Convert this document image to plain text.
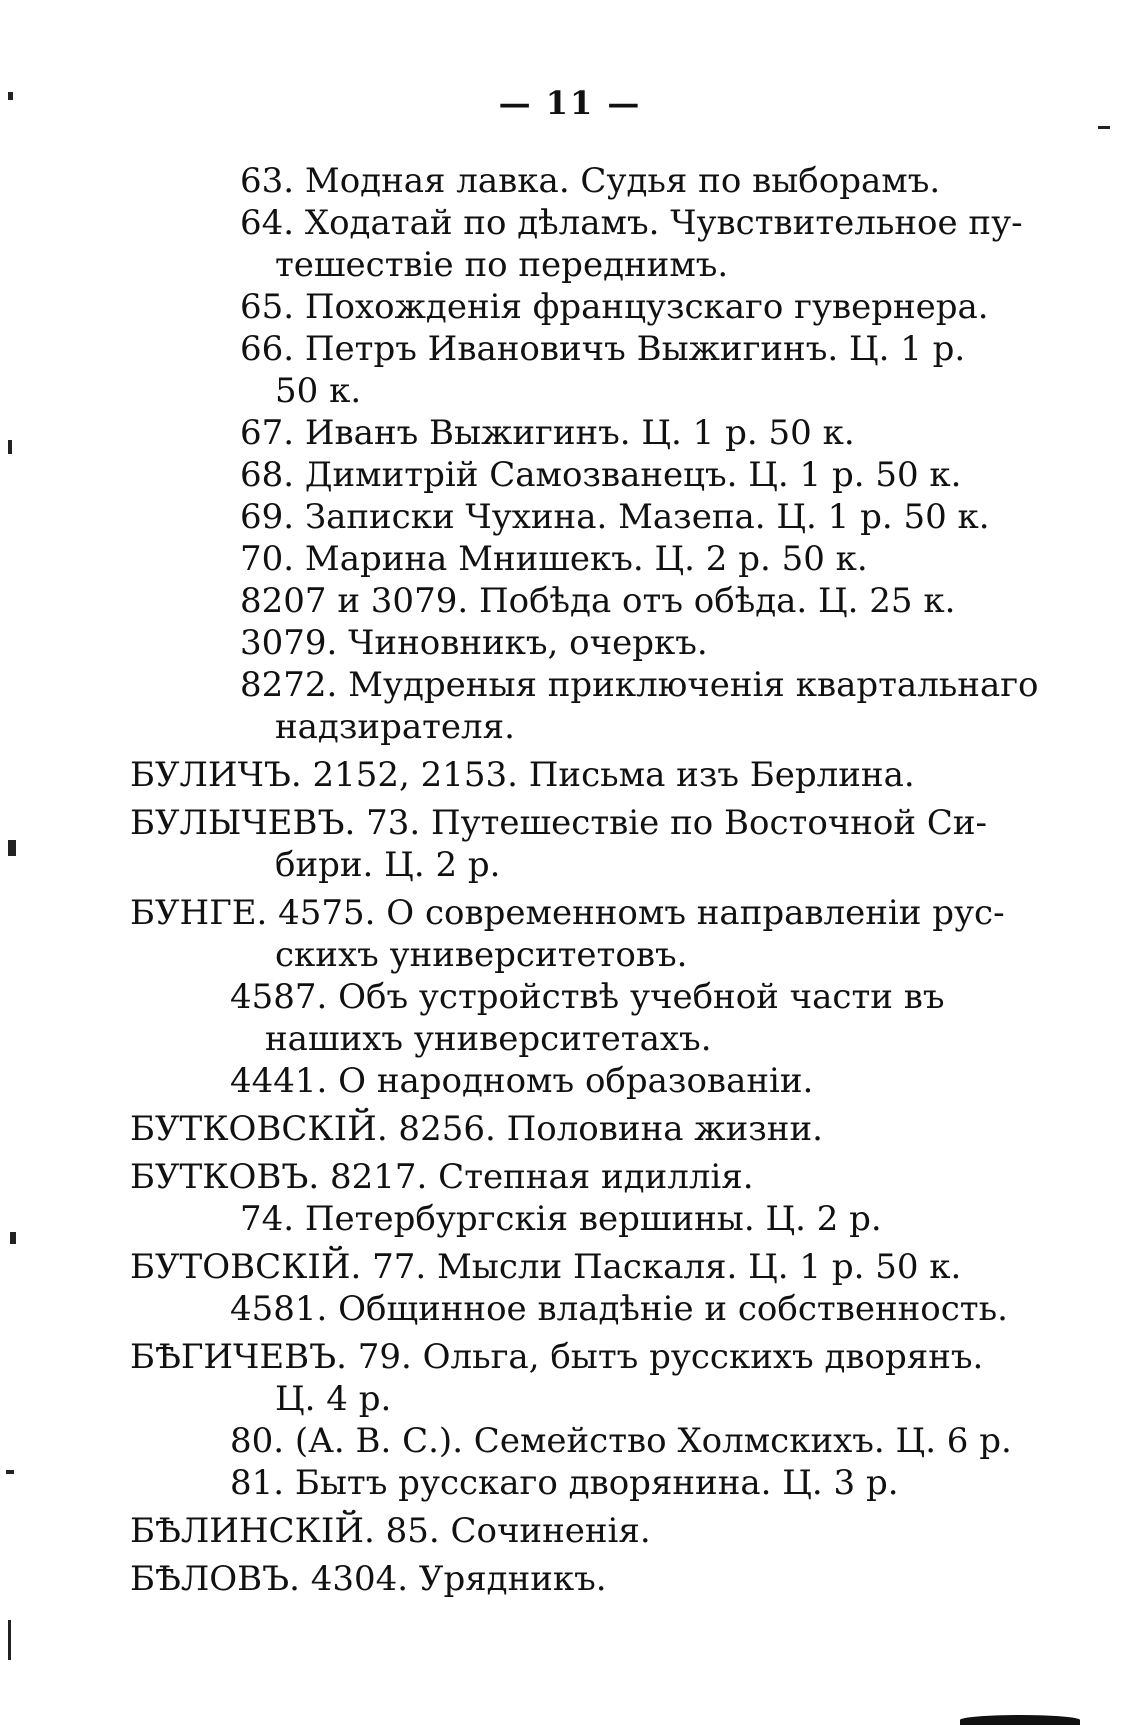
— 11 —
63. Модная лавка. Судья по выборамъ.
64. Ходатай по дѣламъ. Чувствительное пу-
тешествіе по переднимъ.
65. Похожденія французскаго гувернера.
66. Петръ Ивановичъ Выжигинъ. Ц. 1 р.
50 к.
67. Иванъ Выжигинъ. Ц. 1 р. 50 к.
68. Димитрій Самозванецъ. Ц. 1 р. 50 к.
69. Записки Чухина. Мазепа. Ц. 1 р. 50 к.
70. Марина Мнишекъ. Ц. 2 р. 50 к.
8207 и 3079. Побѣда отъ обѣда. Ц. 25 к.
3079. Чиновникъ, очеркъ.
8272. Мудреныя приключенія квартальнаго
надзирателя.
БУЛИЧЪ. 2152, 2153. Письма изъ Берлина.
БУЛЫЧЕВЪ. 73. Путешествіе по Восточной Си-
бири. Ц. 2 р.
БУНГЕ. 4575. О современномъ направленіи рус-
скихъ университетовъ.
4587. Объ устройствѣ учебной части въ
нашихъ университетахъ.
4441. О народномъ образованіи.
БУТКОВСКІЙ. 8256. Половина жизни.
БУТКОВЪ. 8217. Степная идиллія.
74. Петербургскія вершины. Ц. 2 р.
БУТОВСКІЙ. 77. Мысли Паскаля. Ц. 1 р. 50 к.
4581. Общинное владѣніе и собственность.
БѢГИЧЕВЪ. 79. Ольга, бытъ русскихъ дворянъ.
Ц. 4 р.
80. (А. В. С.). Семейство Холмскихъ. Ц. 6 р.
81. Бытъ русскаго дворянина. Ц. 3 р.
БѢЛИНСКІЙ. 85. Сочиненія.
БѢЛОВЪ. 4304. Урядникъ.
